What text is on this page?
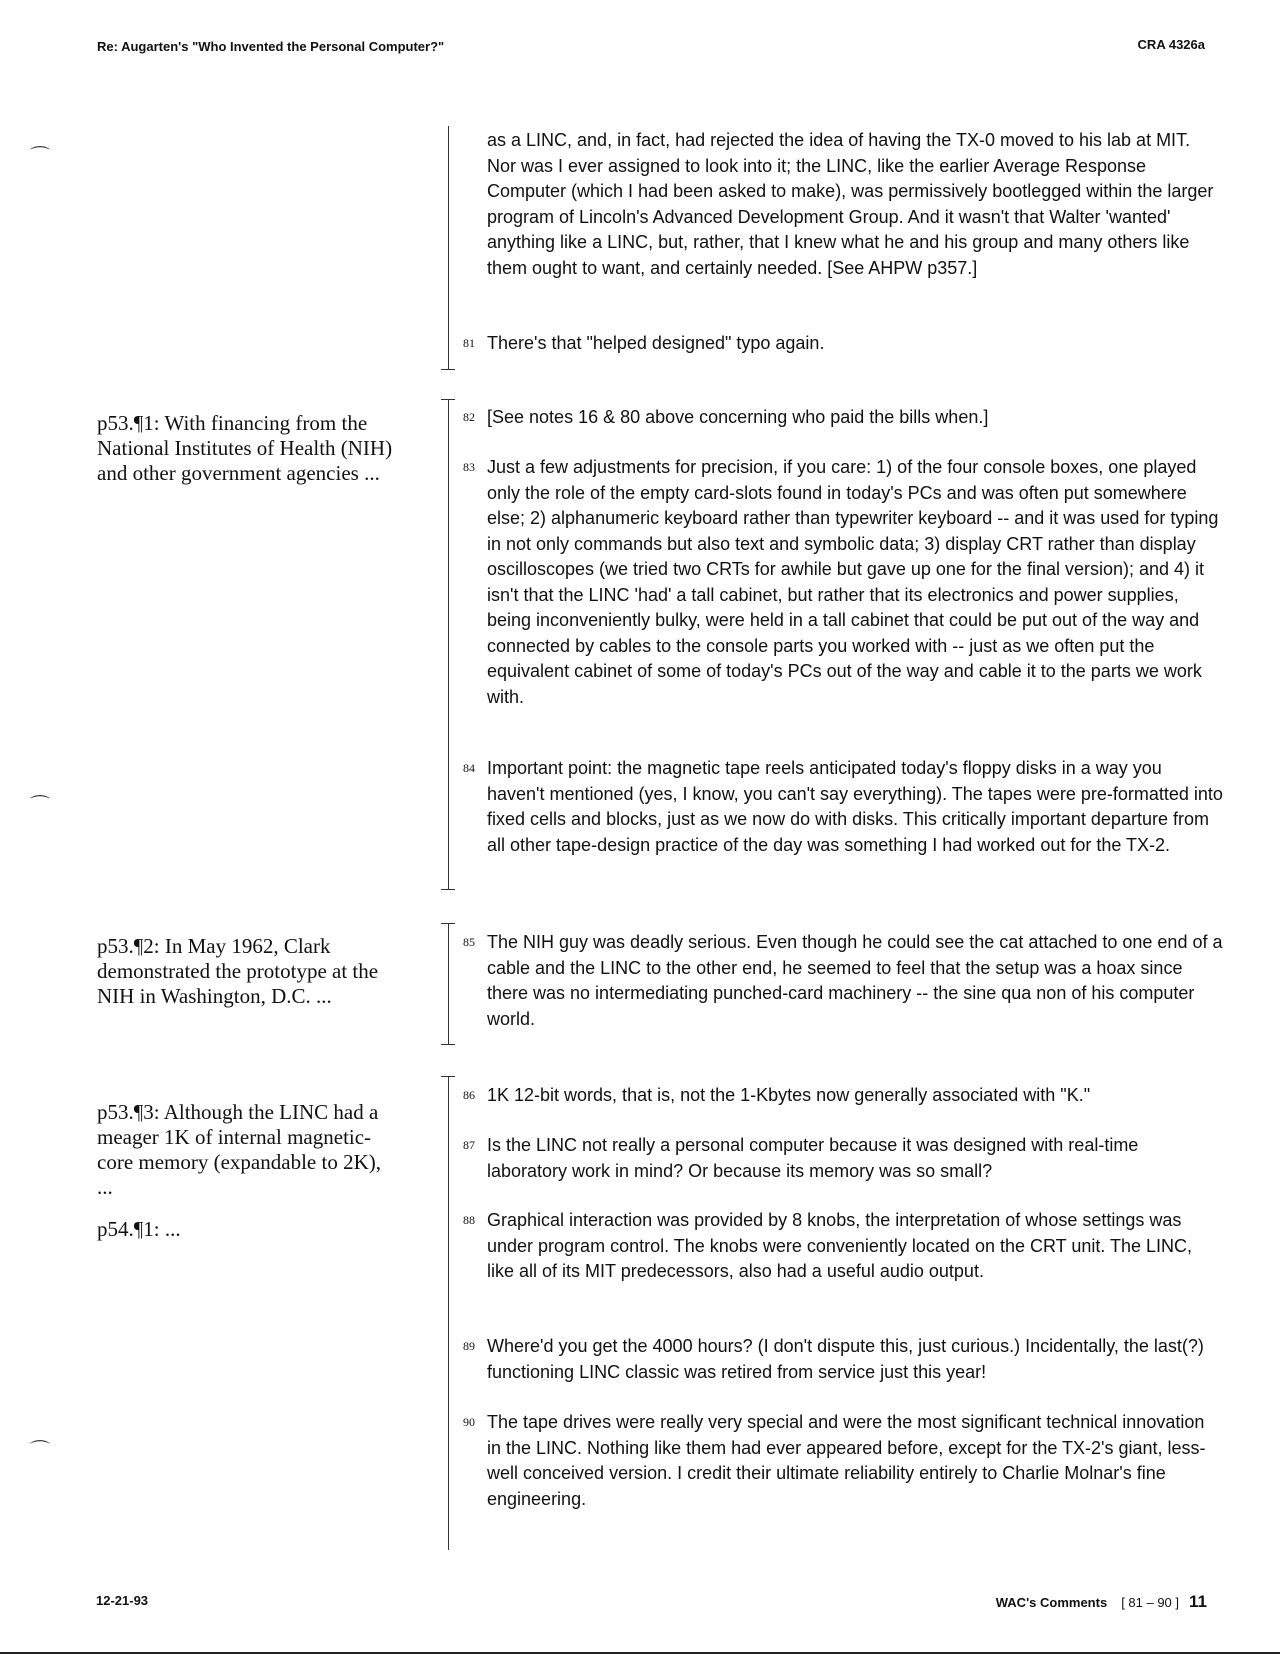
Re: Augarten's "Who Invented the Personal Computer?"	CRA 4326a
⌒
⌒
⌒
p53.¶1: With financing from the National Institutes of Health (NIH) and other government agencies ...
p53.¶2: In May 1962, Clark demonstrated the prototype at the NIH in Washington, D.C. ...
p53.¶3: Although the LINC had a meager 1K of internal magnetic-core memory (expandable to 2K), ...
p54.¶1: ...
as a LINC, and, in fact, had rejected the idea of having the TX-0 moved to his lab at MIT. Nor was I ever assigned to look into it; the LINC, like the earlier Average Response Computer (which I had been asked to make), was permissively bootlegged within the larger program of Lincoln's Advanced Development Group. And it wasn't that Walter 'wanted' anything like a LINC, but, rather, that I knew what he and his group and many others like them ought to want, and certainly needed. [See AHPW p357.]
81 There's that "helped designed" typo again.
82 [See notes 16 & 80 above concerning who paid the bills when.]
83 Just a few adjustments for precision, if you care: 1) of the four console boxes, one played only the role of the empty card-slots found in today's PCs and was often put somewhere else; 2) alphanumeric keyboard rather than typewriter keyboard -- and it was used for typing in not only commands but also text and symbolic data; 3) display CRT rather than display oscilloscopes (we tried two CRTs for awhile but gave up one for the final version); and 4) it isn't that the LINC 'had' a tall cabinet, but rather that its electronics and power supplies, being inconveniently bulky, were held in a tall cabinet that could be put out of the way and connected by cables to the console parts you worked with -- just as we often put the equivalent cabinet of some of today's PCs out of the way and cable it to the parts we work with.
84 Important point: the magnetic tape reels anticipated today's floppy disks in a way you haven't mentioned (yes, I know, you can't say everything). The tapes were pre-formatted into fixed cells and blocks, just as we now do with disks. This critically important departure from all other tape-design practice of the day was something I had worked out for the TX-2.
85 The NIH guy was deadly serious. Even though he could see the cat attached to one end of a cable and the LINC to the other end, he seemed to feel that the setup was a hoax since there was no intermediating punched-card machinery -- the sine qua non of his computer world.
86 1K 12-bit words, that is, not the 1-Kbytes now generally associated with "K."
87 Is the LINC not really a personal computer because it was designed with real-time laboratory work in mind? Or because its memory was so small?
88 Graphical interaction was provided by 8 knobs, the interpretation of whose settings was under program control. The knobs were conveniently located on the CRT unit. The LINC, like all of its MIT predecessors, also had a useful audio output.
89 Where'd you get the 4000 hours? (I don't dispute this, just curious.) Incidentally, the last(?) functioning LINC classic was retired from service just this year!
90 The tape drives were really very special and were the most significant technical innovation in the LINC. Nothing like them had ever appeared before, except for the TX-2's giant, less-well conceived version. I credit their ultimate reliability entirely to Charlie Molnar's fine engineering.
12-21-93	WAC's Comments [ 81 – 90 ] 11
